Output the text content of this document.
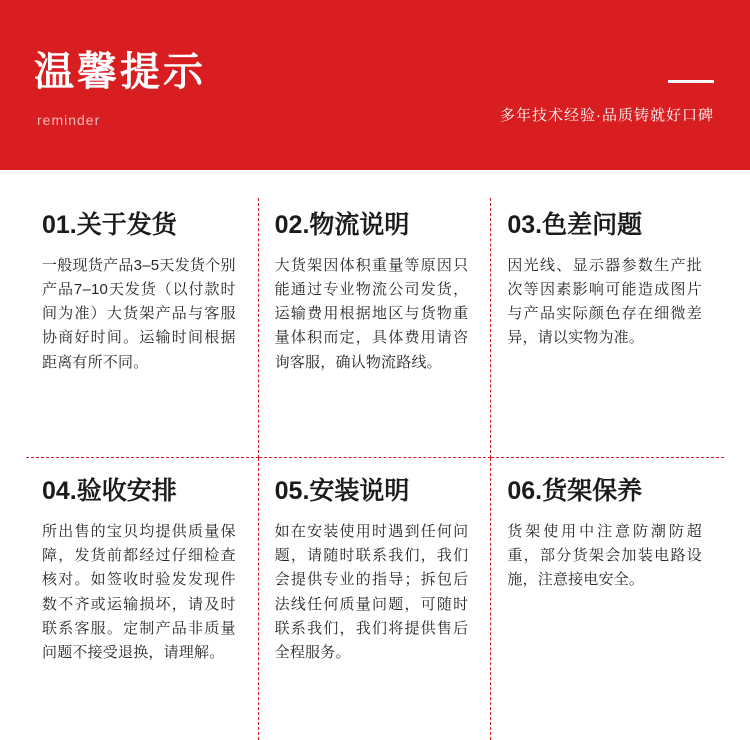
温馨提示
reminder	多年技术经验·品质铸就好口碑
01.关于发货

一般现货产品3–5天发货个别产品7–10天发货（以付款时间为准）大货架产品与客服协商好时间。运输时间根据距离有所不同。

02.物流说明

大货架因体积重量等原因只能通过专业物流公司发货，运输费用根据地区与货物重量体积而定，具体费用请咨询客服，确认物流路线。

03.色差问题

因光线、显示器参数生产批次等因素影响可能造成图片与产品实际颜色存在细微差异，请以实物为准。

04.验收安排

所出售的宝贝均提供质量保障，发货前都经过仔细检查核对。如签收时验发发现件数不齐或运输损坏，请及时联系客服。定制产品非质量问题不接受退换，请理解。

05.安装说明

如在安装使用时遇到任何问题，请随时联系我们，我们会提供专业的指导；拆包后法线任何质量问题，可随时联系我们，我们将提供售后全程服务。

06.货架保养

货架使用中注意防潮防超重，部分货架会加装电路设施，注意接电安全。
